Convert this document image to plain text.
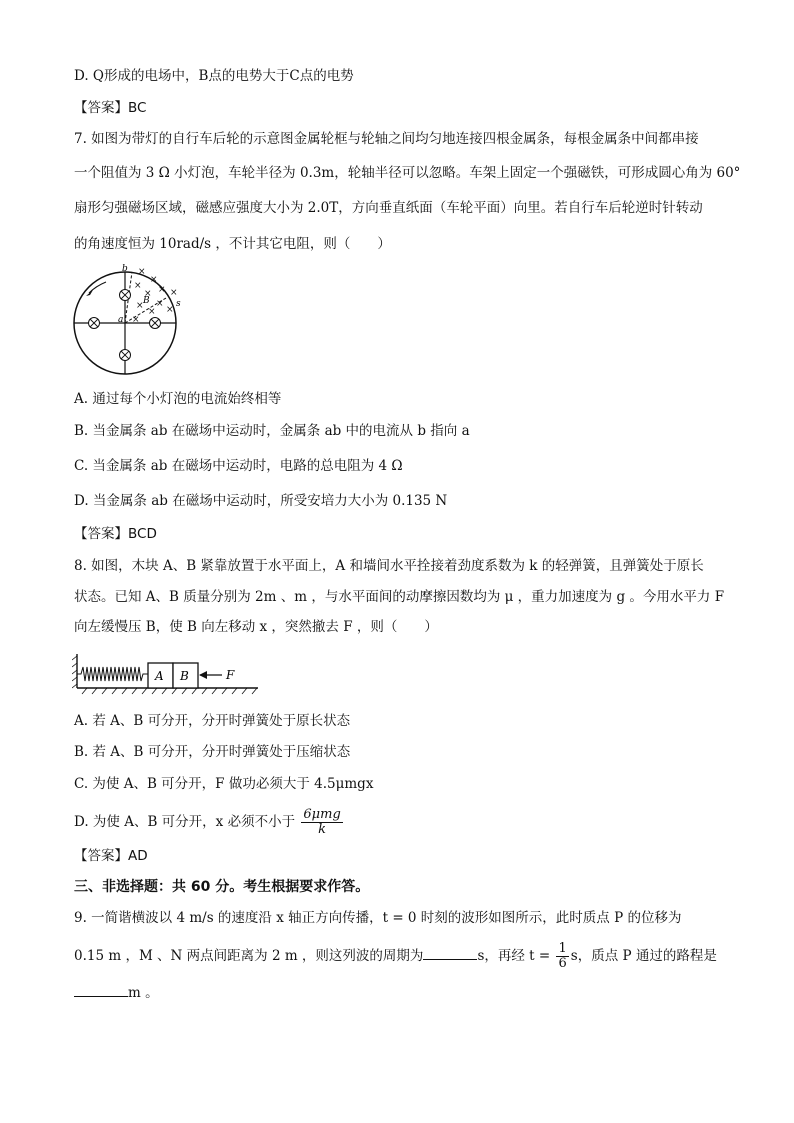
D. Q形成的电场中，B点的电势大于C点的电势
【答案】BC
7. 如图为带灯的自行车后轮的示意图金属轮框与轮轴之间均匀地连接四根金属条，每根金属条中间都串接
一个阻值为 3 Ω 小灯泡，车轮半径为 0.3m，轮轴半径可以忽略。车架上固定一个强磁铁，可形成圆心角为 60°
扇形匀强磁场区域，磁感应强度大小为 2.0T，方向垂直纸面（车轮平面）向里。若自行车后轮逆时针转动
的角速度恒为 10rad/s ，不计其它电阻，则（　　）
×
×
× ×
×
×
×
×
× ×
×
b
a
B	s
A. 通过每个小灯泡的电流始终相等
B. 当金属条 ab 在磁场中运动时，金属条 ab 中的电流从 b 指向 a
C. 当金属条 ab 在磁场中运动时，电路的总电阻为 4 Ω
D. 当金属条 ab 在磁场中运动时，所受安培力大小为 0.135 N
【答案】BCD
8. 如图，木块 A、B 紧靠放置于水平面上，A 和墙间水平拴接着劲度系数为 k 的轻弹簧，且弹簧处于原长
状态。已知 A、B 质量分别为 2m 、m ，与水平面间的动摩擦因数均为 μ ，重力加速度为 g 。今用水平力 F
向左缓慢压 B，使 B 向左移动 x ，突然撤去 F ，则（　　）
A B	F
A. 若 A、B 可分开，分开时弹簧处于原长状态
B. 若 A、B 可分开，分开时弹簧处于压缩状态
C. 为使 A、B 可分开，F 做功必须大于 4.5μmgx
D. 为使 A、B 可分开，x 必须不小于 $\frac{\text{6μmg}}{k}$
【答案】AD
三、非选择题：共 60 分。考生根据要求作答。
9. 一简谐横波以 4 m/s 的速度沿 x 轴正方向传播，t = 0 时刻的波形如图所示，此时质点 P 的位移为
0.15 m ，M 、N 两点间距离为 2 m ，则这列波的周期为	s，再经 $t = \frac{1}{6}$ s，质点 P 通过的路程是
m 。
